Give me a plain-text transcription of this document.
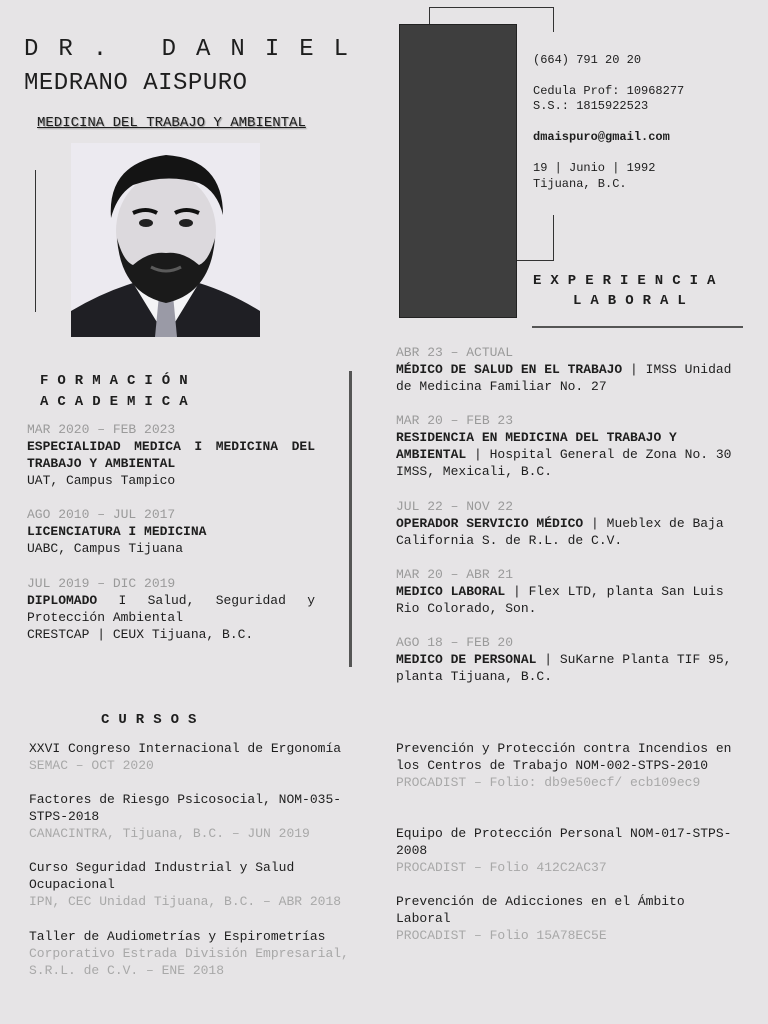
DR. DANIEL
MEDRANO AISPURO
MEDICINA DEL TRABAJO Y AMBIENTAL
(664) 791 20 20
Cedula Prof: 10968277
S.S.: 1815922523
dmaispuro@gmail.com
19 | Junio | 1992
Tijuana, B.C.
EXPERIENCIA
LABORAL
FORMACIÓN
ACADEMICA
MAR 2020 – FEB 2023
ESPECIALIDAD MEDICA I MEDICINA DEL TRABAJO Y AMBIENTAL
UAT, Campus Tampico
AGO 2010 – JUL 2017
LICENCIATURA I MEDICINA
UABC, Campus Tijuana
JUL 2019 – DIC 2019
DIPLOMADO I Salud, Seguridad y Protección Ambiental
CRESTCAP | CEUX Tijuana, B.C.
ABR 23 – ACTUAL
MÉDICO DE SALUD EN EL TRABAJO | IMSS Unidad de Medicina Familiar No. 27
MAR 20 – FEB 23
RESIDENCIA EN MEDICINA DEL TRABAJO Y AMBIENTAL | Hospital General de Zona No. 30 IMSS, Mexicali, B.C.
JUL 22 – NOV 22
OPERADOR SERVICIO MÉDICO | Mueblex de Baja California S. de R.L. de C.V.
MAR 20 – ABR 21
MEDICO LABORAL | Flex LTD, planta San Luis Rio Colorado, Son.
AGO 18 – FEB 20
MEDICO DE PERSONAL | SuKarne Planta TIF 95, planta Tijuana, B.C.
CURSOS
XXVI Congreso Internacional de Ergonomía
SEMAC – OCT 2020
Factores de Riesgo Psicosocial, NOM-035-STPS-2018
CANACINTRA, Tijuana, B.C. – JUN 2019
Curso Seguridad Industrial y Salud Ocupacional
IPN, CEC Unidad Tijuana, B.C. – ABR 2018
Taller de Audiometrías y Espirometrías
Corporativo Estrada División Empresarial, S.R.L. de C.V. – ENE 2018
Prevención y Protección contra Incendios en los Centros de Trabajo NOM-002-STPS-2010
PROCADIST – Folio: db9e50ecf/ ecb109ec9
Equipo de Protección Personal NOM-017-STPS-2008
PROCADIST – Folio 412C2AC37
Prevención de Adicciones en el Ámbito Laboral
PROCADIST – Folio 15A78EC5E
